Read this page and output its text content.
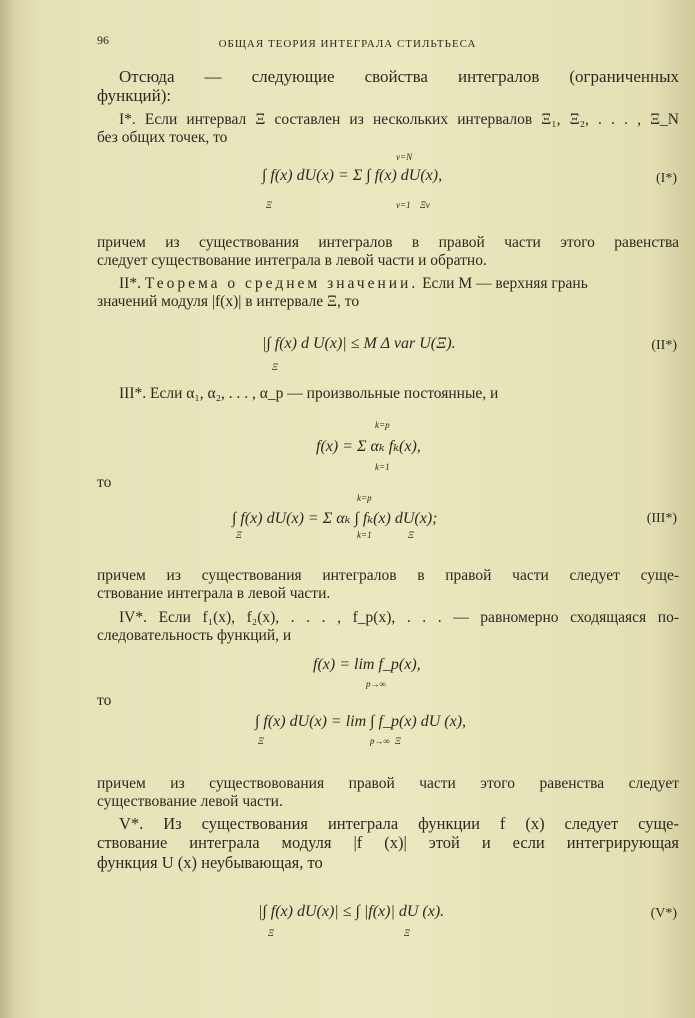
96	ОБЩАЯ ТЕОРИЯ ИНТЕГРАЛА СТИЛЬТЬЕСА
Отсюда — следующие свойства интегралов (ограниченных
функций):
I*. Если интервал Ξ составлен из нескольких интервалов Ξ₁, Ξ₂, . . . , Ξ_N
без общих точек, то
∫ f(x) dU(x) = Σ ∫ f(x) dU(x),
ν=N
ν=1
Ξ	Ξν
(I*)
причем из существования интегралов в правой части этого равенства
следует существование интеграла в левой части и обратно.
II*. Теорема о среднем значении. Если M — верхняя грань
значений модуля |f(x)| в интервале Ξ, то
|∫ f(x) d U(x)| ≤ M Δ var U(Ξ).
Ξ
(II*)
III*. Если α₁, α₂, . . . , α_p — произвольные постоянные, и
f(x) = Σ αₖ fₖ(x),
k=p
k=1
то
∫ f(x) dU(x) = Σ αₖ ∫ fₖ(x) dU(x);
Ξ
k=p
k=1	Ξ
(III*)
причем из существования интегралов в правой части следует суще-
ствование интеграла в левой части.
IV*. Если f₁(x), f₂(x), . . . , f_p(x), . . . — равномерно сходящаяся по-
следовательность функций, и
f(x) = lim f_p(x),
p→∞
то
∫ f(x) dU(x) = lim ∫ f_p(x) dU (x),
Ξ	p→∞ Ξ
причем из существовования правой части этого равенства следует
существование левой части.
V*. Из существования интеграла функции f (x) следует суще-
ствование интеграла модуля |f (x)| этой и если интегрирующая
функция U (x) неубывающая, то
|∫ f(x) dU(x)| ≤ ∫ |f(x)| dU (x).
Ξ	Ξ
(V*)
